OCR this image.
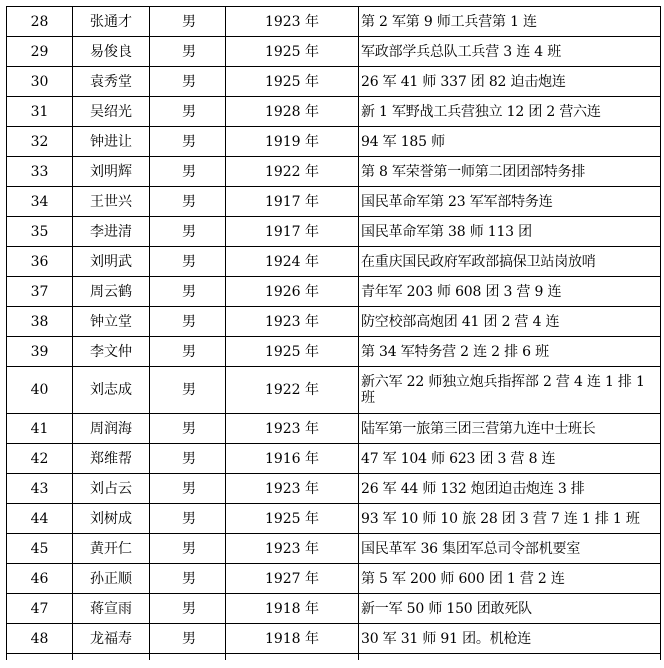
28	张通才	男	1923 年	第 2 军第 9 师工兵营第 1 连
29	易俊良	男	1925 年	军政部学兵总队工兵营 3 连 4 班
30	袁秀堂	男	1925 年	26 军 41 师 337 团 82 迫击炮连
31	吴绍光	男	1928 年	新 1 军野战工兵营独立 12 团 2 营六连
32	钟进让	男	1919 年	94 军 185 师
33	刘明辉	男	1922 年	第 8 军荣誉第一师第二团团部特务排
34	王世兴	男	1917 年	国民革命军第 23 军军部特务连
35	李进清	男	1917 年	国民革命军第 38 师 113 团
36	刘明武	男	1924 年	在重庆国民政府军政部搞保卫站岗放哨
37	周云鹤	男	1926 年	青年军 203 师 608 团 3 营 9 连
38	钟立堂	男	1923 年	防空校部高炮团 41 团 2 营 4 连
39	李文仲	男	1925 年	第 34 军特务营 2 连 2 排 6 班
40	刘志成	男	1922 年	新六军 22 师独立炮兵指挥部 2 营 4 连 1 排 1 班
41	周润海	男	1923 年	陆军第一旅第三团三营第九连中士班长
42	郑维帮	男	1916 年	47 军 104 师 623 团 3 营 8 连
43	刘占云	男	1923 年	26 军 44 师 132 炮团迫击炮连 3 排
44	刘树成	男	1925 年	93 军 10 师 10 旅 28 团 3 营 7 连 1 排 1 班
45	黄开仁	男	1923 年	国民革军 36 集团军总司令部机要室
46	孙正顺	男	1927 年	第 5 军 200 师 600 团 1 营 2 连
47	蒋宣雨	男	1918 年	新一军 50 师 150 团敢死队
48	龙福寿	男	1918 年	30 军 31 师 91 团。机枪连
